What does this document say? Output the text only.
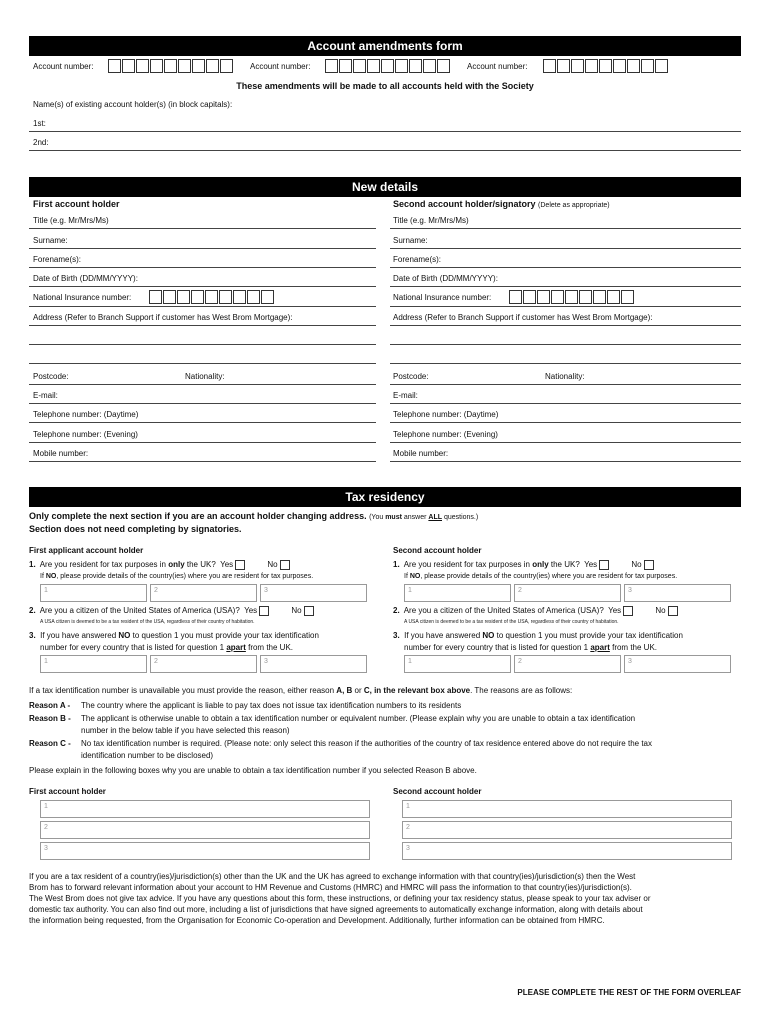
Account amendments form
Account number:	Account number:	Account number:
These amendments will be made to all accounts held with the Society
Name(s) of existing account holder(s) (in block capitals):
1st:
2nd:
New details
First account holder	Second account holder/signatory (Delete as appropriate)
Title (e.g. Mr/Mrs/Ms)
Surname:
Forename(s):
Date of Birth (DD/MM/YYYY):
National Insurance number:
Address (Refer to Branch Support if customer has West Brom Mortgage):
Postcode:	Nationality:
E-mail:
Telephone number: (Daytime)
Telephone number: (Evening)
Mobile number:
Title (e.g. Mr/Mrs/Ms)
Surname:
Forename(s):
Date of Birth (DD/MM/YYYY):
National Insurance number:
Address (Refer to Branch Support if customer has West Brom Mortgage):
Postcode:	Nationality:
E-mail:
Telephone number: (Daytime)
Telephone number: (Evening)
Mobile number:
Tax residency
Only complete the next section if you are an account holder changing address. (You must answer ALL questions.)
Section does not need completing by signatories.
First applicant account holder
1. Are you resident for tax purposes in only the UK? Yes	No
If NO, please provide details of the country(ies) where you are resident for tax purposes.
1	2	3
2. Are you a citizen of the United States of America (USA)? Yes	No
A USA citizen is deemed to be a tax resident of the USA, regardless of their country of habitation.
3. If you have answered NO to question 1 you must provide your tax identification
number for every country that is listed for question 1 apart from the UK.
1	2	3
Second account holder
1. Are you resident for tax purposes in only the UK? Yes	No
If NO, please provide details of the country(ies) where you are resident for tax purposes.
1	2	3
2. Are you a citizen of the United States of America (USA)? Yes	No
A USA citizen is deemed to be a tax resident of the USA, regardless of their country of habitation.
3. If you have answered NO to question 1 you must provide your tax identification
number for every country that is listed for question 1 apart from the UK.
1	2	3
If a tax identification number is unavailable you must provide the reason, either reason A, B or C, in the relevant box above. The reasons are as follows:
Reason A - The country where the applicant is liable to pay tax does not issue tax identification numbers to its residents
Reason B - The applicant is otherwise unable to obtain a tax identification number or equivalent number. (Please explain why you are unable to obtain a tax identification
number in the below table if you have selected this reason)
Reason C - No tax identification number is required. (Please note: only select this reason if the authorities of the country of tax residence entered above do not require the tax
identification number to be disclosed)
Please explain in the following boxes why you are unable to obtain a tax identification number if you selected Reason B above.
First account holder
1
2
3
Second account holder
1
2
3
If you are a tax resident of a country(ies)/jurisdiction(s) other than the UK and the UK has agreed to exchange information with that country(ies)/jurisdiction(s) then the West
Brom has to forward relevant information about your account to HM Revenue and Customs (HMRC) and HMRC will pass the information to that country(ies)/jurisdiction(s).
The West Brom does not give tax advice. If you have any questions about this form, these instructions, or defining your tax residency status, please speak to your tax adviser or
domestic tax authority. You can also find out more, including a list of jurisdictions that have signed agreements to automatically exchange information, along with details about
the information being requested, from the Organisation for Economic Co-operation and Development. Additionally, further information can be obtained from HMRC.
PLEASE COMPLETE THE REST OF THE FORM OVERLEAF
